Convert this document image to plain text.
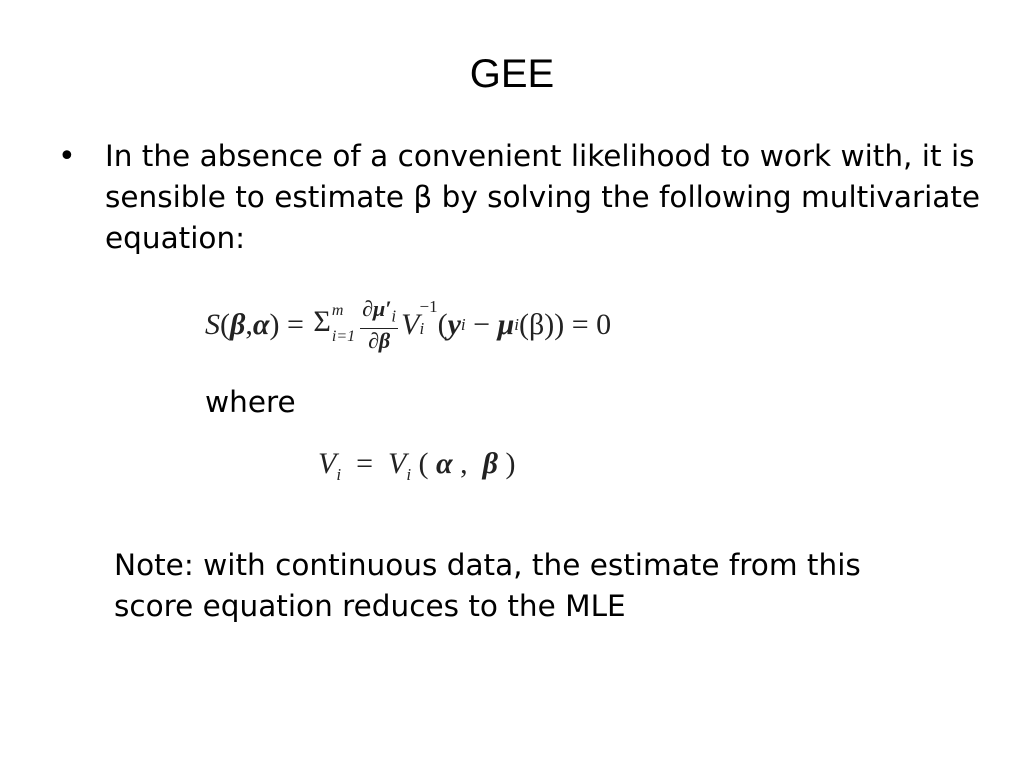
GEE
• In the absence of a convenient likelihood to work with, it is sensible to estimate β by solving the following multivariate equation:
S ( β , α ) = Σ m
$i=1 \frac{\partial\mu'_i}{\partial\beta}$ V
−1
i ( y i − μ i (β) ) = 0
where
$V_i = V_i$ ( α ,  β )
Note: with continuous data, the estimate from this score equation reduces to the MLE
